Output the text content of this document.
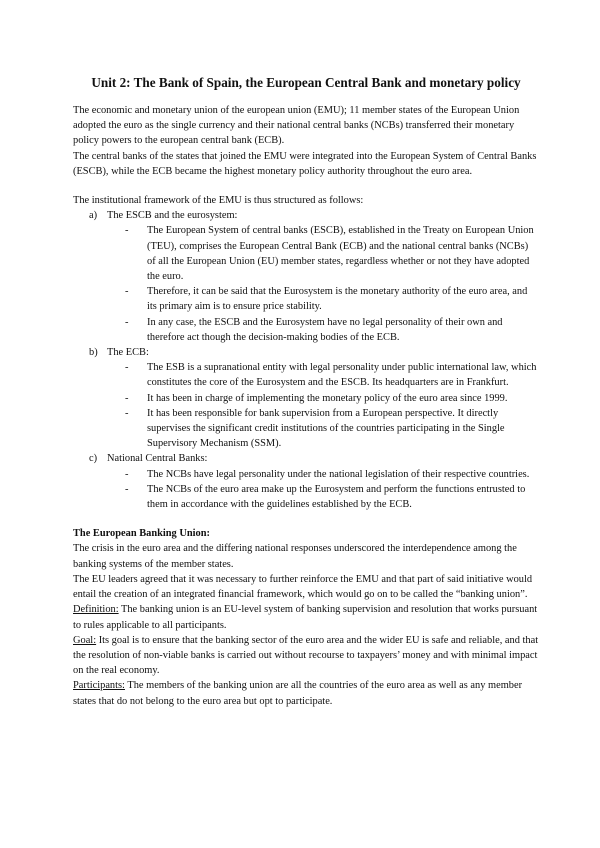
Unit 2: The Bank of Spain, the European Central Bank and monetary policy

The economic and monetary union of the european union (EMU); 11 member states of the European Union adopted the euro as the single currency and their national central banks (NCBs) transferred their monetary policy powers to the european central bank (ECB).

The central banks of the states that joined the EMU were integrated into the European System of Central Banks (ESCB), while the ECB became the highest monetary policy authority throughout the euro area.

The institutional framework of the EMU is thus structured as follows:

a) The ESCB and the eurosystem:
-	The European System of central banks (ESCB), established in the Treaty on European Union (TEU), comprises the European Central Bank (ECB) and the national central banks (NCBs) of all the European Union (EU) member states, regardless whether or not they have adopted the euro.
-	Therefore, it can be said that the Eurosystem is the monetary authority of the euro area, and its primary aim is to ensure price stability.
-	In any case, the ESCB and the Eurosystem have no legal personality of their own and therefore act though the decision-making bodies of the ECB.
b) The ECB:
-	The ESB is a supranational entity with legal personality under public international law, which constitutes the core of the Eurosystem and the ESCB. Its headquarters are in Frankfurt.
-	It has been in charge of implementing the monetary policy of the euro area since 1999.
-	It has been responsible for bank supervision from a European perspective. It directly supervises the significant credit institutions of the countries participating in the Single Supervisory Mechanism (SSM).
c) National Central Banks:
-	The NCBs have legal personality under the national legislation of their respective countries.
-	The NCBs of the euro area make up the Eurosystem and perform the functions entrusted to them in accordance with the guidelines established by the ECB.

The European Banking Union:

The crisis in the euro area and the differing national responses underscored the interdependence among the banking systems of the member states.

The EU leaders agreed that it was necessary to further reinforce the EMU and that part of said initiative would entail the creation of an integrated financial framework, which would go on to be called the “banking union”.

Definition: The banking union is an EU-level system of banking supervision and resolution that works pursuant to rules applicable to all participants.

Goal: Its goal is to ensure that the banking sector of the euro area and the wider EU is safe and reliable, and that the resolution of non-viable banks is carried out without recourse to taxpayers’ money and with minimal impact on the real economy.

Participants: The members of the banking union are all the countries of the euro area as well as any member states that do not belong to the euro area but opt to participate.
